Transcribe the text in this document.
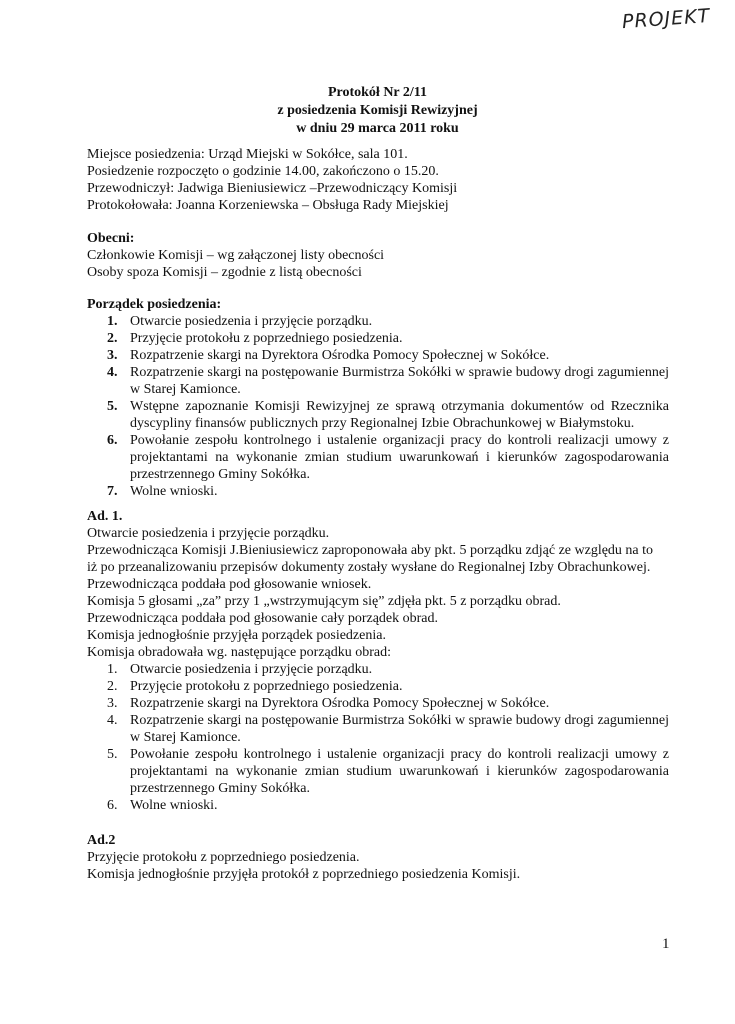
PROJEKT
Protokół Nr 2/11
z posiedzenia Komisji Rewizyjnej
w dniu 29 marca 2011 roku
Miejsce posiedzenia: Urząd Miejski w Sokółce, sala 101.
Posiedzenie rozpoczęto o godzinie 14.00, zakończono o 15.20.
Przewodniczył: Jadwiga Bieniusiewicz –Przewodniczący Komisji
Protokołowała: Joanna Korzeniewska – Obsługa Rady Miejskiej
Obecni:
Członkowie Komisji – wg załączonej listy obecności
Osoby spoza Komisji – zgodnie z listą obecności
Porządek posiedzenia:
1. Otwarcie posiedzenia i przyjęcie porządku.
2. Przyjęcie protokołu z poprzedniego posiedzenia.
3. Rozpatrzenie skargi na Dyrektora Ośrodka Pomocy Społecznej w Sokółce.
4. Rozpatrzenie skargi na postępowanie Burmistrza Sokółki w sprawie budowy drogi zagumiennej w Starej Kamionce.
5. Wstępne zapoznanie Komisji Rewizyjnej ze sprawą otrzymania dokumentów od Rzecznika dyscypliny finansów publicznych przy Regionalnej Izbie Obrachunkowej w Białymstoku.
6. Powołanie zespołu kontrolnego i ustalenie organizacji pracy do kontroli realizacji umowy z projektantami na wykonanie zmian studium uwarunkowań i kierunków zagospodarowania przestrzennego Gminy Sokółka.
7. Wolne wnioski.
Ad. 1.
Otwarcie posiedzenia i przyjęcie porządku.
Przewodnicząca Komisji J.Bieniusiewicz zaproponowała aby pkt. 5 porządku zdjąć ze względu na to
iż po przeanalizowaniu przepisów dokumenty zostały wysłane do Regionalnej Izby Obrachunkowej.
Przewodnicząca poddała pod głosowanie wniosek.
Komisja 5 głosami „za” przy 1 „wstrzymującym się” zdjęła pkt. 5 z porządku obrad.
Przewodnicząca poddała pod głosowanie cały porządek obrad.
Komisja jednogłośnie przyjęła porządek posiedzenia.
Komisja obradowała wg. następujące porządku obrad:
1. Otwarcie posiedzenia i przyjęcie porządku.
2. Przyjęcie protokołu z poprzedniego posiedzenia.
3. Rozpatrzenie skargi na Dyrektora Ośrodka Pomocy Społecznej w Sokółce.
4. Rozpatrzenie skargi na postępowanie Burmistrza Sokółki w sprawie budowy drogi zagumiennej w Starej Kamionce.
5. Powołanie zespołu kontrolnego i ustalenie organizacji pracy do kontroli realizacji umowy z projektantami na wykonanie zmian studium uwarunkowań i kierunków zagospodarowania przestrzennego Gminy Sokółka.
6. Wolne wnioski.
Ad.2
Przyjęcie protokołu z poprzedniego posiedzenia.
Komisja jednogłośnie przyjęła protokół z poprzedniego posiedzenia Komisji.
1
